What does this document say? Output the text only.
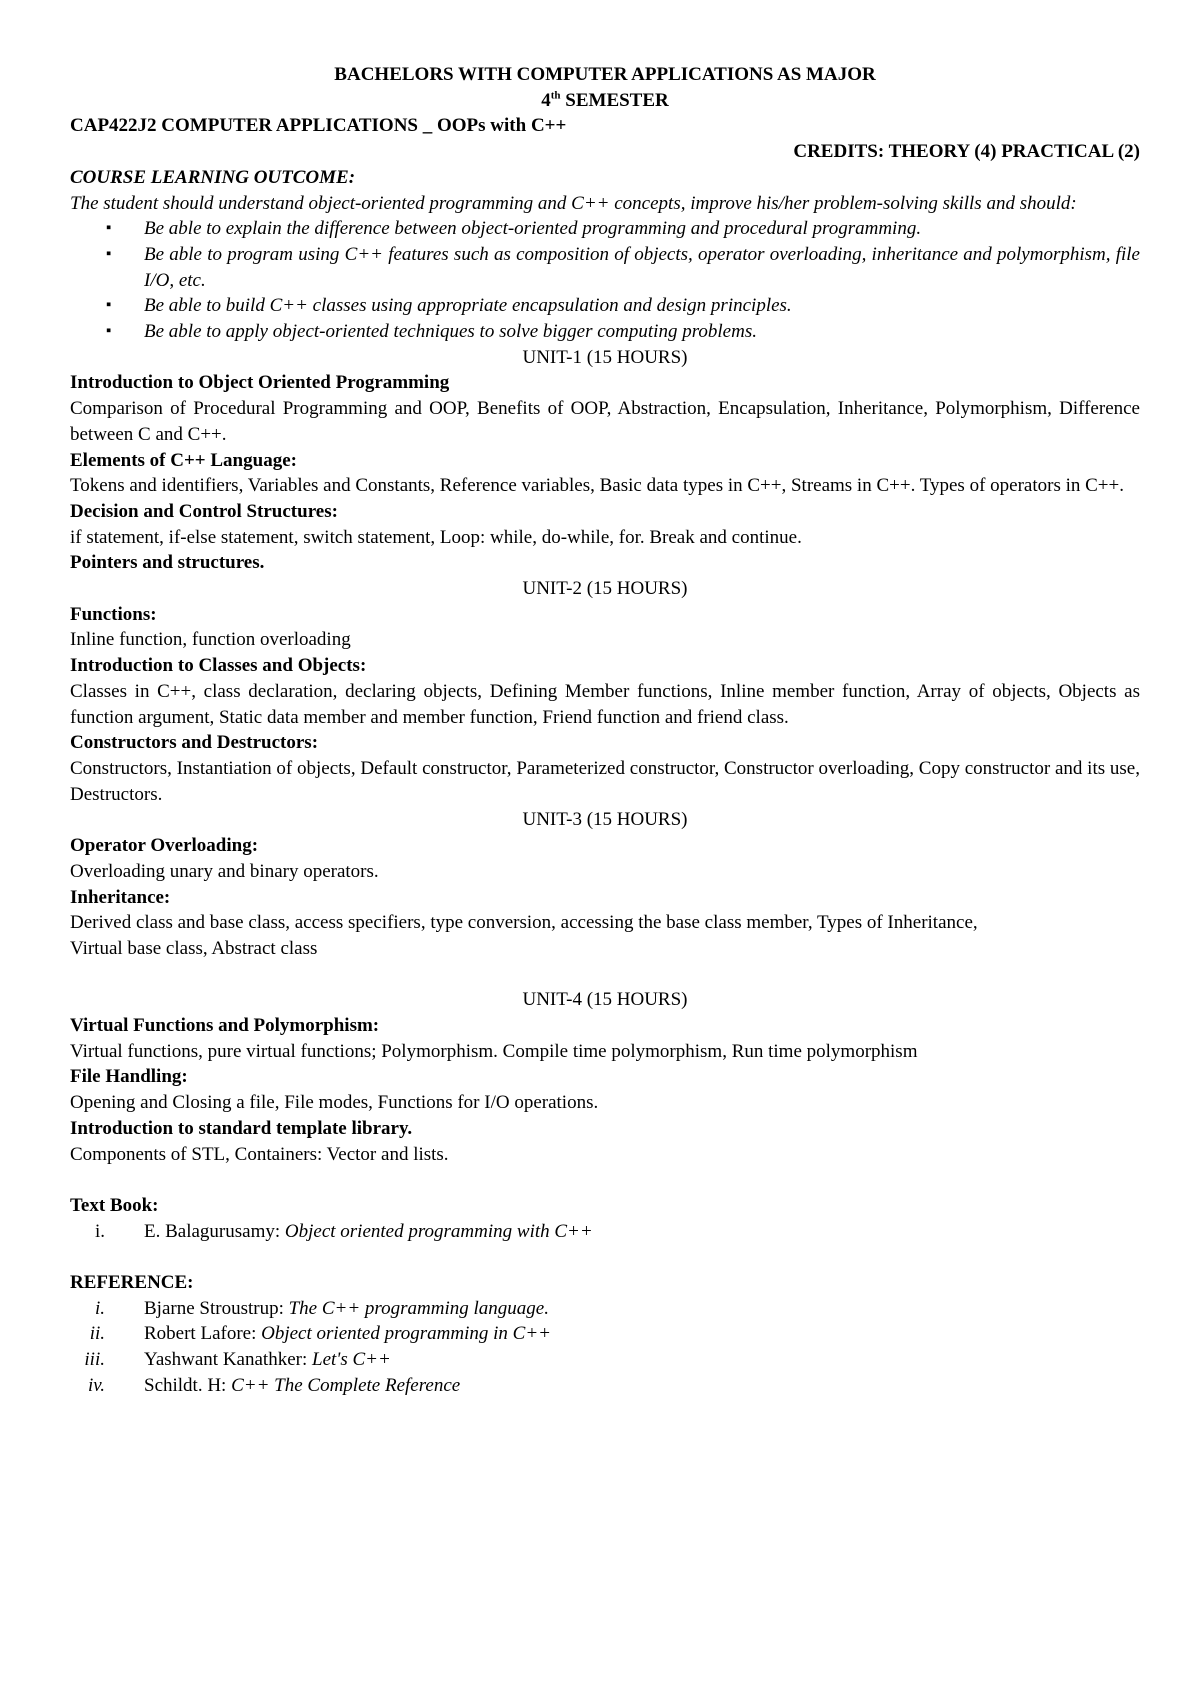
BACHELORS WITH COMPUTER APPLICATIONS AS MAJOR

4th SEMESTER

CAP422J2 COMPUTER APPLICATIONS _ OOPs with C++

CREDITS: THEORY (4) PRACTICAL (2)

COURSE LEARNING OUTCOME:

The student should understand object-oriented programming and C++ concepts, improve his/her problem-solving skills and should:

▪ Be able to explain the difference between object-oriented programming and procedural programming.
▪ Be able to program using C++ features such as composition of objects, operator overloading, inheritance and polymorphism, file I/O, etc.
▪ Be able to build C++ classes using appropriate encapsulation and design principles.
▪ Be able to apply object-oriented techniques to solve bigger computing problems.

UNIT-1 (15 HOURS)

Introduction to Object Oriented Programming

Comparison of Procedural Programming and OOP, Benefits of OOP, Abstraction, Encapsulation, Inheritance, Polymorphism, Difference between C and C++.

Elements of C++ Language:

Tokens and identifiers, Variables and Constants, Reference variables, Basic data types in C++, Streams in C++. Types of operators in C++.

Decision and Control Structures:

if statement, if-else statement, switch statement, Loop: while, do-while, for. Break and continue.

Pointers and structures.

UNIT-2 (15 HOURS)

Functions:

Inline function, function overloading

Introduction to Classes and Objects:

Classes in C++, class declaration, declaring objects, Defining Member functions, Inline member function, Array of objects, Objects as function argument, Static data member and member function, Friend function and friend class.

Constructors and Destructors:

Constructors, Instantiation of objects, Default constructor, Parameterized constructor, Constructor overloading, Copy constructor and its use, Destructors.

UNIT-3 (15 HOURS)

Operator Overloading:

Overloading unary and binary operators.

Inheritance:

Derived class and base class, access specifiers, type conversion, accessing the base class member, Types of Inheritance, Virtual base class, Abstract class

UNIT-4 (15 HOURS)

Virtual Functions and Polymorphism:

Virtual functions, pure virtual functions; Polymorphism. Compile time polymorphism, Run time polymorphism

File Handling:

Opening and Closing a file, File modes, Functions for I/O operations.

Introduction to standard template library.

Components of STL, Containers: Vector and lists.

Text Book:

i. E. Balagurusamy: Object oriented programming with C++

REFERENCE:

i. Bjarne Stroustrup: The C++ programming language.
ii. Robert Lafore: Object oriented programming in C++
iii. Yashwant Kanathker: Let's C++
iv. Schildt. H: C++ The Complete Reference
